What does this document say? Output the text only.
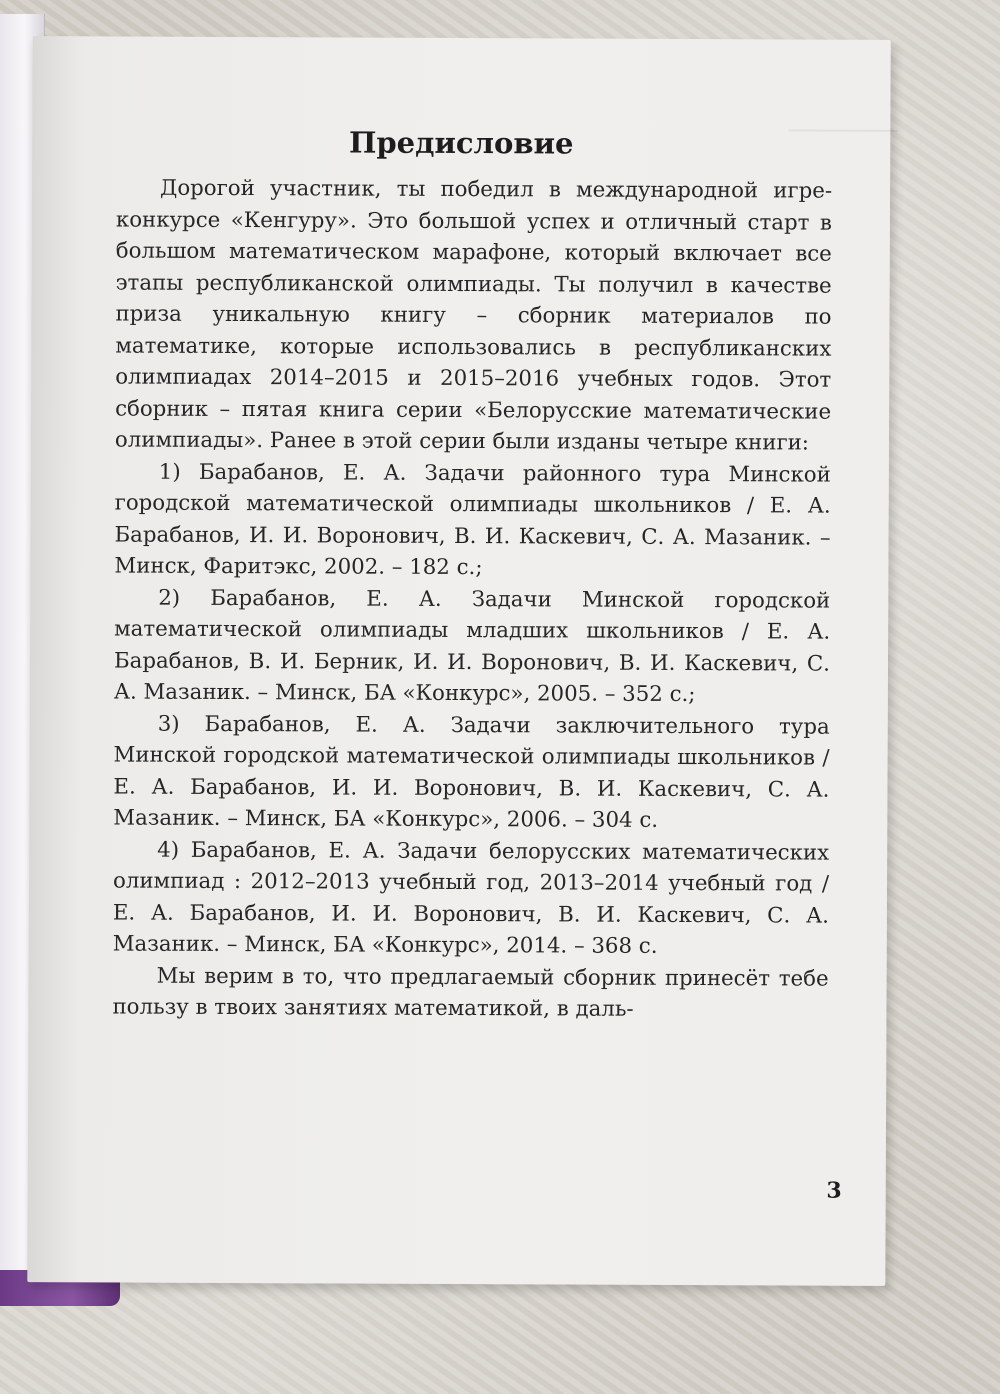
Предисловие

Дорогой участник, ты победил в международной игре-конкурсе «Кенгуру». Это большой успех и отличный старт в большом математическом марафоне, который включает все этапы республиканской олимпиады. Ты получил в качестве приза уникальную книгу – сборник материалов по математике, которые использовались в республиканских олимпиадах 2014–2015 и 2015–2016 учебных годов. Этот сборник – пятая книга серии «Белорусские математические олимпиады». Ранее в этой серии были изданы четыре книги:

1) Барабанов, Е. А. Задачи районного тура Минской городской математической олимпиады школьников / Е. А. Барабанов, И. И. Воронович, В. И. Каскевич, С. А. Мазаник. – Минск, Фаритэкс, 2002. – 182 с.;

2) Барабанов, Е. А. Задачи Минской городской математической олимпиады младших школьников / Е. А. Барабанов, В. И. Берник, И. И. Воронович, В. И. Каскевич, С. А. Мазаник. – Минск, БА «Конкурс», 2005. – 352 с.;

3) Барабанов, Е. А. Задачи заключительного тура Минской городской математической олимпиады школьников / Е. А. Барабанов, И. И. Воронович, В. И. Каскевич, С. А. Мазаник. – Минск, БА «Конкурс», 2006. – 304 с.

4) Барабанов, Е. А. Задачи белорусских математических олимпиад : 2012–2013 учебный год, 2013–2014 учебный год / Е. А. Барабанов, И. И. Воронович, В. И. Каскевич, С. А. Мазаник. – Минск, БА «Конкурс», 2014. – 368 с.

Мы верим в то, что предлагаемый сборник принесёт тебе пользу в твоих занятиях математикой, в даль-

3
